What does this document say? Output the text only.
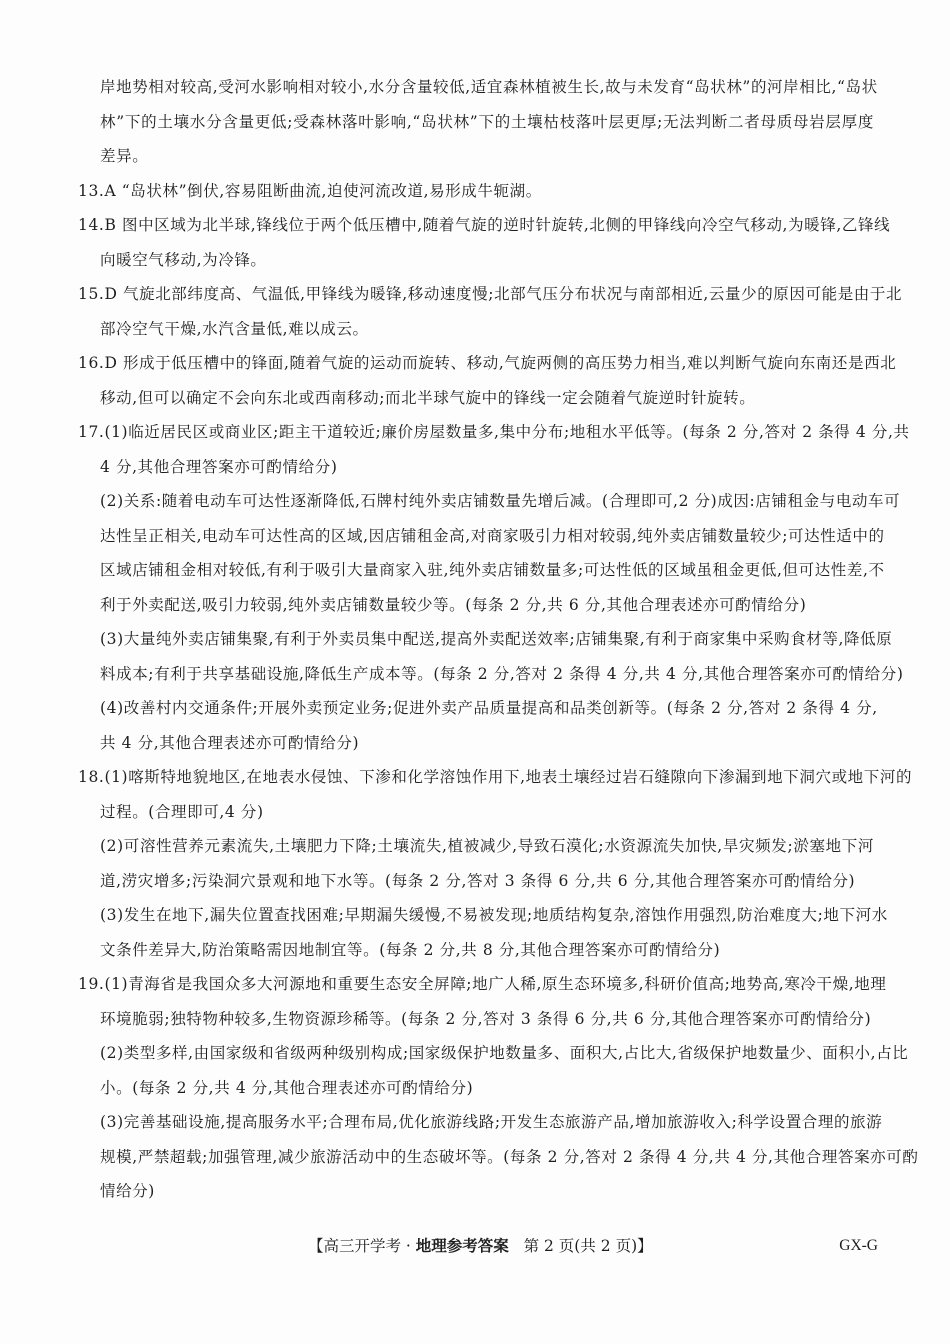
岸地势相对较高,受河水影响相对较小,水分含量较低,适宜森林植被生长,故与未发育“岛状林”的河岸相比,“岛状
林”下的土壤水分含量更低;受森林落叶影响,“岛状林”下的土壤枯枝落叶层更厚;无法判断二者母质母岩层厚度
差异。
13.A “岛状林”倒伏,容易阻断曲流,迫使河流改道,易形成牛轭湖。
14.B 图中区域为北半球,锋线位于两个低压槽中,随着气旋的逆时针旋转,北侧的甲锋线向冷空气移动,为暖锋,乙锋线
向暖空气移动,为冷锋。
15.D 气旋北部纬度高、气温低,甲锋线为暖锋,移动速度慢;北部气压分布状况与南部相近,云量少的原因可能是由于北
部冷空气干燥,水汽含量低,难以成云。
16.D 形成于低压槽中的锋面,随着气旋的运动而旋转、移动,气旋两侧的高压势力相当,难以判断气旋向东南还是西北
移动,但可以确定不会向东北或西南移动;而北半球气旋中的锋线一定会随着气旋逆时针旋转。
17.(1)临近居民区或商业区;距主干道较近;廉价房屋数量多,集中分布;地租水平低等。(每条 2 分,答对 2 条得 4 分,共
4 分,其他合理答案亦可酌情给分)
(2)关系:随着电动车可达性逐渐降低,石牌村纯外卖店铺数量先增后减。(合理即可,2 分)成因:店铺租金与电动车可
达性呈正相关,电动车可达性高的区域,因店铺租金高,对商家吸引力相对较弱,纯外卖店铺数量较少;可达性适中的
区域店铺租金相对较低,有利于吸引大量商家入驻,纯外卖店铺数量多;可达性低的区域虽租金更低,但可达性差,不
利于外卖配送,吸引力较弱,纯外卖店铺数量较少等。(每条 2 分,共 6 分,其他合理表述亦可酌情给分)
(3)大量纯外卖店铺集聚,有利于外卖员集中配送,提高外卖配送效率;店铺集聚,有利于商家集中采购食材等,降低原
料成本;有利于共享基础设施,降低生产成本等。(每条 2 分,答对 2 条得 4 分,共 4 分,其他合理答案亦可酌情给分)
(4)改善村内交通条件;开展外卖预定业务;促进外卖产品质量提高和品类创新等。(每条 2 分,答对 2 条得 4 分,
共 4 分,其他合理表述亦可酌情给分)
18.(1)喀斯特地貌地区,在地表水侵蚀、下渗和化学溶蚀作用下,地表土壤经过岩石缝隙向下渗漏到地下洞穴或地下河的
过程。(合理即可,4 分)
(2)可溶性营养元素流失,土壤肥力下降;土壤流失,植被减少,导致石漠化;水资源流失加快,旱灾频发;淤塞地下河
道,涝灾增多;污染洞穴景观和地下水等。(每条 2 分,答对 3 条得 6 分,共 6 分,其他合理答案亦可酌情给分)
(3)发生在地下,漏失位置查找困难;早期漏失缓慢,不易被发现;地质结构复杂,溶蚀作用强烈,防治难度大;地下河水
文条件差异大,防治策略需因地制宜等。(每条 2 分,共 8 分,其他合理答案亦可酌情给分)
19.(1)青海省是我国众多大河源地和重要生态安全屏障;地广人稀,原生态环境多,科研价值高;地势高,寒冷干燥,地理
环境脆弱;独特物种较多,生物资源珍稀等。(每条 2 分,答对 3 条得 6 分,共 6 分,其他合理答案亦可酌情给分)
(2)类型多样,由国家级和省级两种级别构成;国家级保护地数量多、面积大,占比大,省级保护地数量少、面积小,占比
小。(每条 2 分,共 4 分,其他合理表述亦可酌情给分)
(3)完善基础设施,提高服务水平;合理布局,优化旅游线路;开发生态旅游产品,增加旅游收入;科学设置合理的旅游
规模,严禁超载;加强管理,减少旅游活动中的生态破坏等。(每条 2 分,答对 2 条得 4 分,共 4 分,其他合理答案亦可酌
情给分)
【高三开学考 · 地理参考答案   第 2 页(共 2 页)】	GX-G
